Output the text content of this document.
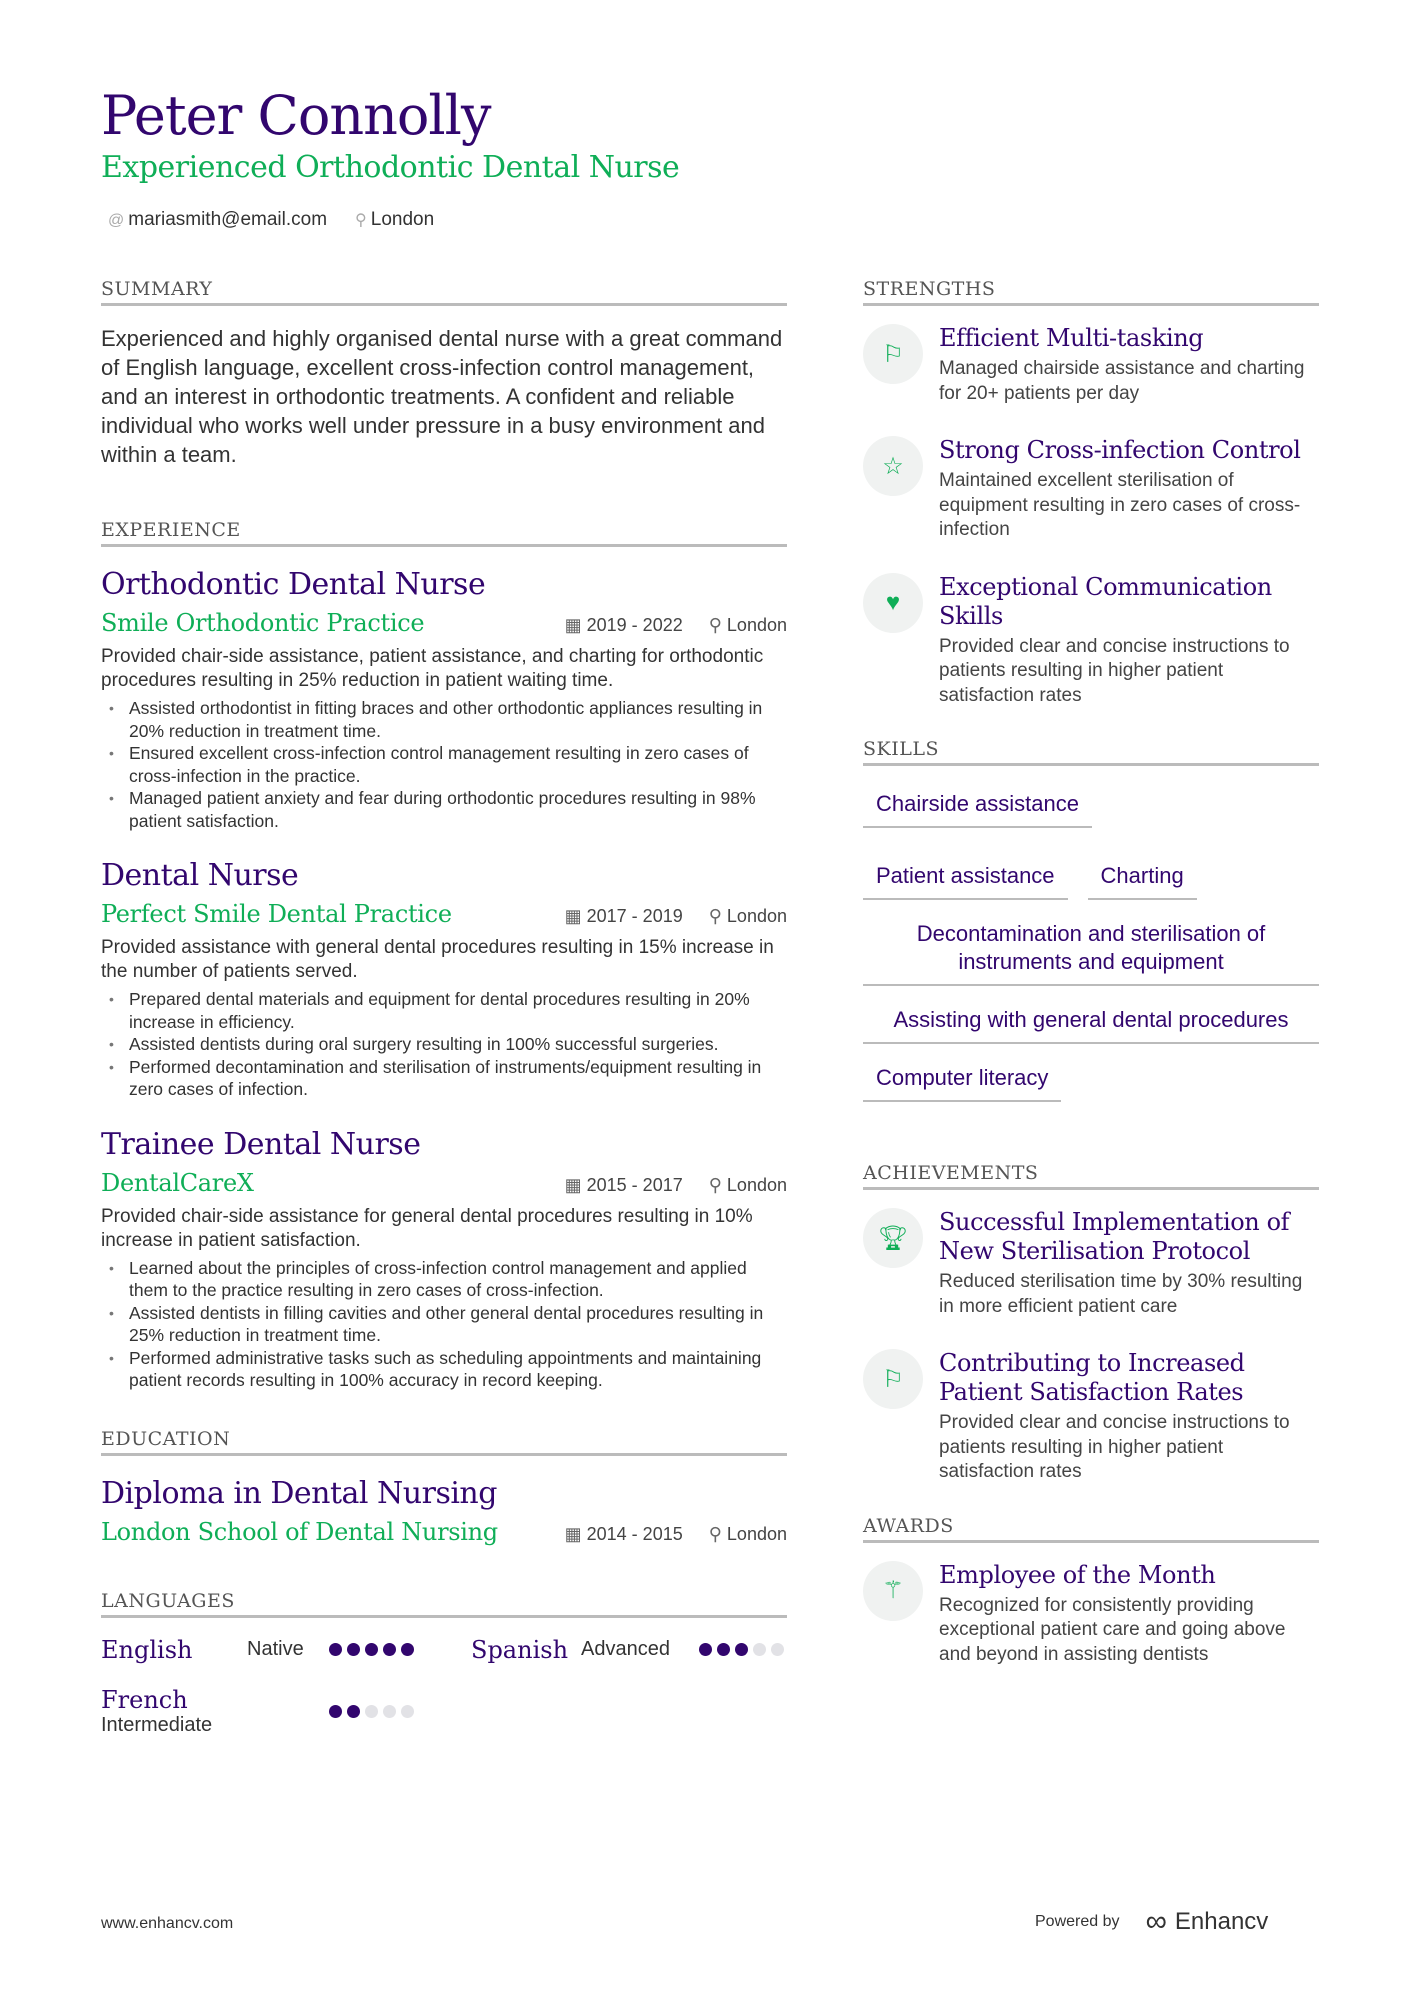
Peter Connolly
Experienced Orthodontic Dental Nurse
@ mariasmith@email.com ⚲ London
SUMMARY
Experienced and highly organised dental nurse with a great command of English language, excellent cross-infection control management, and an interest in orthodontic treatments. A confident and reliable individual who works well under pressure in a busy environment and within a team.
EXPERIENCE
Orthodontic Dental Nurse
Smile Orthodontic Practice	▦ 2019 - 2022 ⚲ London
Provided chair-side assistance, patient assistance, and charting for orthodontic procedures resulting in 25% reduction in patient waiting time.
• Assisted orthodontist in fitting braces and other orthodontic appliances resulting in 20% reduction in treatment time.
• Ensured excellent cross-infection control management resulting in zero cases of cross-infection in the practice.
• Managed patient anxiety and fear during orthodontic procedures resulting in 98% patient satisfaction.
Dental Nurse
Perfect Smile Dental Practice	▦ 2017 - 2019 ⚲ London
Provided assistance with general dental procedures resulting in 15% increase in the number of patients served.
• Prepared dental materials and equipment for dental procedures resulting in 20% increase in efficiency.
• Assisted dentists during oral surgery resulting in 100% successful surgeries.
• Performed decontamination and sterilisation of instruments/equipment resulting in zero cases of infection.
Trainee Dental Nurse
DentalCareX	▦ 2015 - 2017 ⚲ London
Provided chair-side assistance for general dental procedures resulting in 10% increase in patient satisfaction.
• Learned about the principles of cross-infection control management and applied them to the practice resulting in zero cases of cross-infection.
• Assisted dentists in filling cavities and other general dental procedures resulting in 25% reduction in treatment time.
• Performed administrative tasks such as scheduling appointments and maintaining patient records resulting in 100% accuracy in record keeping.
EDUCATION
Diploma in Dental Nursing
London School of Dental Nursing	▦ 2014 - 2015 ⚲ London
LANGUAGES
English	Native	Spanish Advanced
French
Intermediate
STRENGTHS
⚐
Efficient Multi-tasking
Managed chairside assistance and charting for 20+ patients per day
☆
Strong Cross-infection Control
Maintained excellent sterilisation of equipment resulting in zero cases of cross-infection
♥
Exceptional Communication Skills
Provided clear and concise instructions to patients resulting in higher patient satisfaction rates
SKILLS
Chairside assistance
Patient assistance	Charting
Decontamination and sterilisation of instruments and equipment
Assisting with general dental procedures
Computer literacy
ACHIEVEMENTS
🏆︎
Successful Implementation of New Sterilisation Protocol
Reduced sterilisation time by 30% resulting in more efficient patient care
⚐
Contributing to Increased Patient Satisfaction Rates
Provided clear and concise instructions to patients resulting in higher patient satisfaction rates
AWARDS
⚚
Employee of the Month
Recognized for consistently providing exceptional patient care and going above and beyond in assisting dentists
www.enhancv.com	Powered by ∞ Enhancv
